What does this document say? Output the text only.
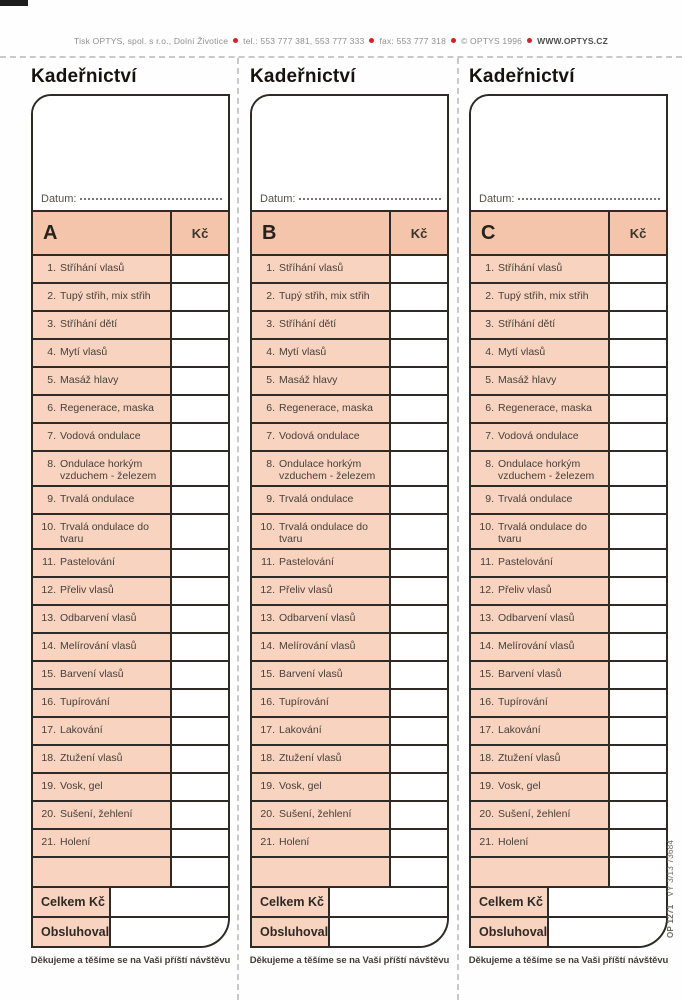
Tisk OPTYS, spol. s r.o., Dolní Životice tel.: 553 777 381, 553 777 333 fax: 553 777 318 © OPTYS 1996 WWW.OPTYS.CZ
Kadeřnictví
Datum:
A	Kč
1. Stříhání vlasů
2. Tupý střih, mix střih
3. Stříhání dětí
4. Mytí vlasů
5. Masáž hlavy
6. Regenerace, maska
7. Vodová ondulace
8. Ondulace horkým vzduchem - železem
9. Trvalá ondulace
10. Trvalá ondulace do tvaru
11. Pastelování
12. Přeliv vlasů
13. Odbarvení vlasů
14. Melírování vlasů
15. Barvení vlasů
16. Tupírování
17. Lakování
18. Ztužení vlasů
19. Vosk, gel
20. Sušení, žehlení
21. Holení
Celkem Kč
Obsluhoval
Děkujeme a těšíme se na Vaši příští návštěvu
Kadeřnictví
Datum:
B	Kč
1. Stříhání vlasů
2. Tupý střih, mix střih
3. Stříhání dětí
4. Mytí vlasů
5. Masáž hlavy
6. Regenerace, maska
7. Vodová ondulace
8. Ondulace horkým vzduchem - železem
9. Trvalá ondulace
10. Trvalá ondulace do tvaru
11. Pastelování
12. Přeliv vlasů
13. Odbarvení vlasů
14. Melírování vlasů
15. Barvení vlasů
16. Tupírování
17. Lakování
18. Ztužení vlasů
19. Vosk, gel
20. Sušení, žehlení
21. Holení
Celkem Kč
Obsluhoval
Děkujeme a těšíme se na Vaši příští návštěvu
Kadeřnictví
Datum:
C	Kč
1. Stříhání vlasů
2. Tupý střih, mix střih
3. Stříhání dětí
4. Mytí vlasů
5. Masáž hlavy
6. Regenerace, maska
7. Vodová ondulace
8. Ondulace horkým vzduchem - železem
9. Trvalá ondulace
10. Trvalá ondulace do tvaru
11. Pastelování
12. Přeliv vlasů
13. Odbarvení vlasů
14. Melírování vlasů
15. Barvení vlasů
16. Tupírování
17. Lakování
18. Ztužení vlasů
19. Vosk, gel
20. Sušení, žehlení
21. Holení
Celkem Kč
Obsluhoval
Děkujeme a těšíme se na Vaši příští návštěvu
OP 1271VY 3/13 73684
